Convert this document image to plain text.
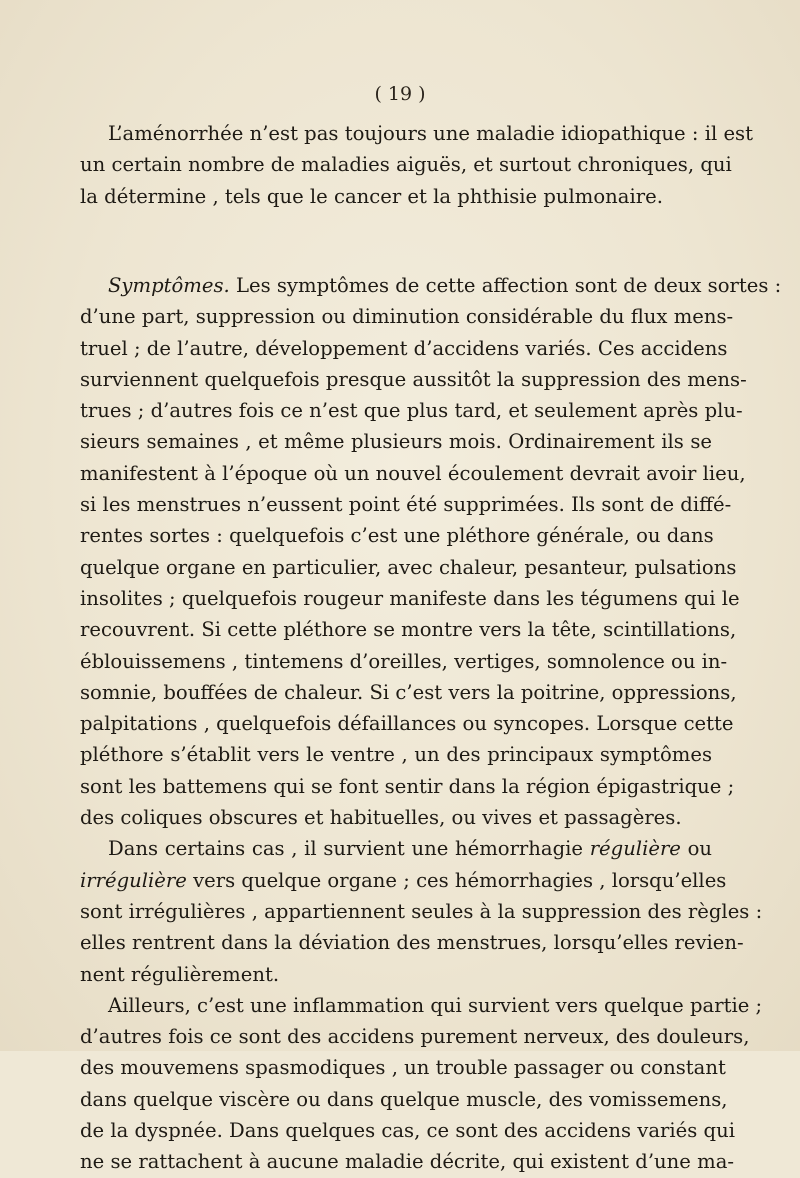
( 19 )
L’aménorrhée n’est pas toujours une maladie idiopathique : il est
un certain nombre de maladies aiguës, et surtout chroniques, qui
la détermine , tels que le cancer et la phthisie pulmonaire.
Symptômes. Les symptômes de cette affection sont de deux sortes :
d’une part, suppression ou diminution considérable du flux mens-
truel ; de l’autre, développement d’accidens variés. Ces accidens
surviennent quelquefois presque aussitôt la suppression des mens-
trues ; d’autres fois ce n’est que plus tard, et seulement après plu-
sieurs semaines , et même plusieurs mois. Ordinairement ils se
manifestent à l’époque où un nouvel écoulement devrait avoir lieu,
si les menstrues n’eussent point été supprimées. Ils sont de diffé-
rentes sortes : quelquefois c’est une pléthore générale, ou dans
quelque organe en particulier, avec chaleur, pesanteur, pulsations
insolites ; quelquefois rougeur manifeste dans les tégumens qui le
recouvrent. Si cette pléthore se montre vers la tête, scintillations,
éblouissemens , tintemens d’oreilles, vertiges, somnolence ou in-
somnie, bouffées de chaleur. Si c’est vers la poitrine, oppressions,
palpitations , quelquefois défaillances ou syncopes. Lorsque cette
pléthore s’établit vers le ventre , un des principaux symptômes
sont les battemens qui se font sentir dans la région épigastrique ;
des coliques obscures et habituelles, ou vives et passagères.
Dans certains cas , il survient une hémorrhagie régulière ou
irrégulière vers quelque organe ; ces hémorrhagies , lorsqu’elles
sont irrégulières , appartiennent seules à la suppression des règles :
elles rentrent dans la déviation des menstrues, lorsqu’elles revien-
nent régulièrement.
Ailleurs, c’est une inflammation qui survient vers quelque partie ;
d’autres fois ce sont des accidens purement nerveux, des douleurs,
des mouvemens spasmodiques , un trouble passager ou constant
dans quelque viscère ou dans quelque muscle, des vomissemens,
de la dyspnée. Dans quelques cas, ce sont des accidens variés qui
ne se rattachent à aucune maladie décrite, qui existent d’une ma-
